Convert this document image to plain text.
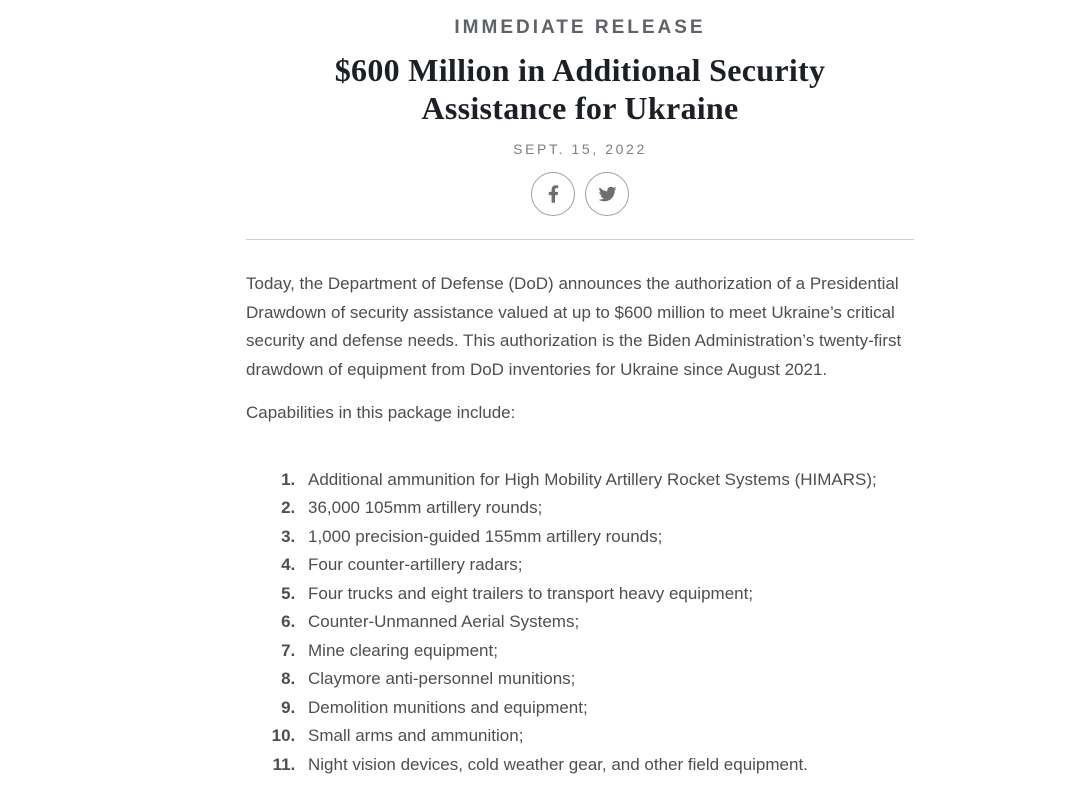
IMMEDIATE RELEASE
$600 Million in Additional Security Assistance for Ukraine
SEPT. 15, 2022

Today, the Department of Defense (DoD) announces the authorization of a Presidential Drawdown of security assistance valued at up to $600 million to meet Ukraine’s critical security and defense needs. This authorization is the Biden Administration’s twenty-first drawdown of equipment from DoD inventories for Ukraine since August 2021.

Capabilities in this package include:

1. Additional ammunition for High Mobility Artillery Rocket Systems (HIMARS);
2. 36,000 105mm artillery rounds;
3. 1,000 precision-guided 155mm artillery rounds;
4. Four counter-artillery radars;
5. Four trucks and eight trailers to transport heavy equipment;
6. Counter-Unmanned Aerial Systems;
7. Mine clearing equipment;
8. Claymore anti-personnel munitions;
9. Demolition munitions and equipment;
10. Small arms and ammunition;
11. Night vision devices, cold weather gear, and other field equipment.
